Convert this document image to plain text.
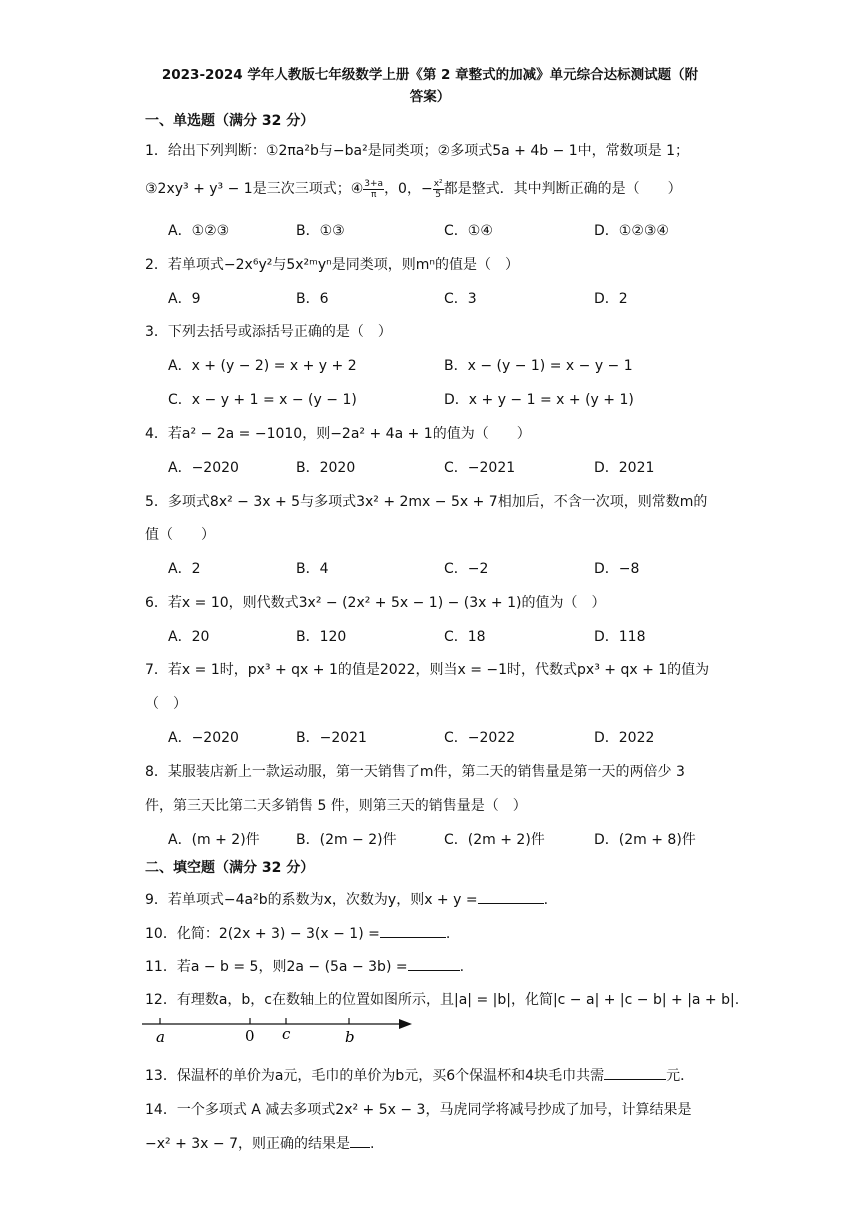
2023-2024 学年人教版七年级数学上册《第 2 章整式的加减》单元综合达标测试题（附
答案）
一、单选题（满分 32 分）
1．给出下列判断：①2πa²b与−ba²是同类项；②多项式5a + 4b − 1中，常数项是 1；
③2xy³ + y³ − 1是三次三项式；④ $\frac{3+a}{\pi}$ ，0，− $\frac{\text{x²}}{5}$ 都是整式．其中判断正确的是（　　）
A．①②③	B．①③	C．①④	D．①②③④
2．若单项式−2x⁶y²与5x²ᵐyⁿ是同类项，则mⁿ的值是（　）
A．9	B．6	C．3	D．2
3．下列去括号或添括号正确的是（　）
A．x + (y − 2) = x + y + 2	B．x − (y − 1) = x − y − 1
C．x − y + 1 = x − (y − 1)	D．x + y − 1 = x + (y + 1)
4．若a² − 2a = −1010，则−2a² + 4a + 1的值为（　　）
A．−2020	B．2020	C．−2021	D．2021
5．多项式8x² − 3x + 5与多项式3x² + 2mx − 5x + 7相加后，不含一次项，则常数m的
值（　　）
A．2	B．4	C．−2	D．−8
6．若x = 10，则代数式3x² − (2x² + 5x − 1) − (3x + 1)的值为（　）
A．20	B．120	C．18	D．118
7．若x = 1时，px³ + qx + 1的值是2022，则当x = −1时，代数式px³ + qx + 1的值为
（　）
A．−2020	B．−2021	C．−2022	D．2022
8．某服装店新上一款运动服，第一天销售了m件，第二天的销售量是第一天的两倍少 3
件，第三天比第二天多销售 5 件，则第三天的销售量是（　）
A．(m + 2)件	B．(2m − 2)件	C．(2m + 2)件	D．(2m + 8)件
二、填空题（满分 32 分）
9．若单项式−4a²b的系数为x，次数为y，则x + y =	.
10．化简：2(2x + 3) − 3(x − 1) =	.
11．若a − b = 5，则2a − (5a − 3b) =	.
12．有理数a，b，c在数轴上的位置如图所示，且|a| = |b|，化简|c − a| + |c − b| + |a + b|.
a	0 c	b
13．保温杯的单价为a元，毛巾的单价为b元，买6个保温杯和4块毛巾共需	元．
14．一个多项式 A 减去多项式2x² + 5x − 3，马虎同学将减号抄成了加号，计算结果是
−x² + 3x − 7，则正确的结果是 .
